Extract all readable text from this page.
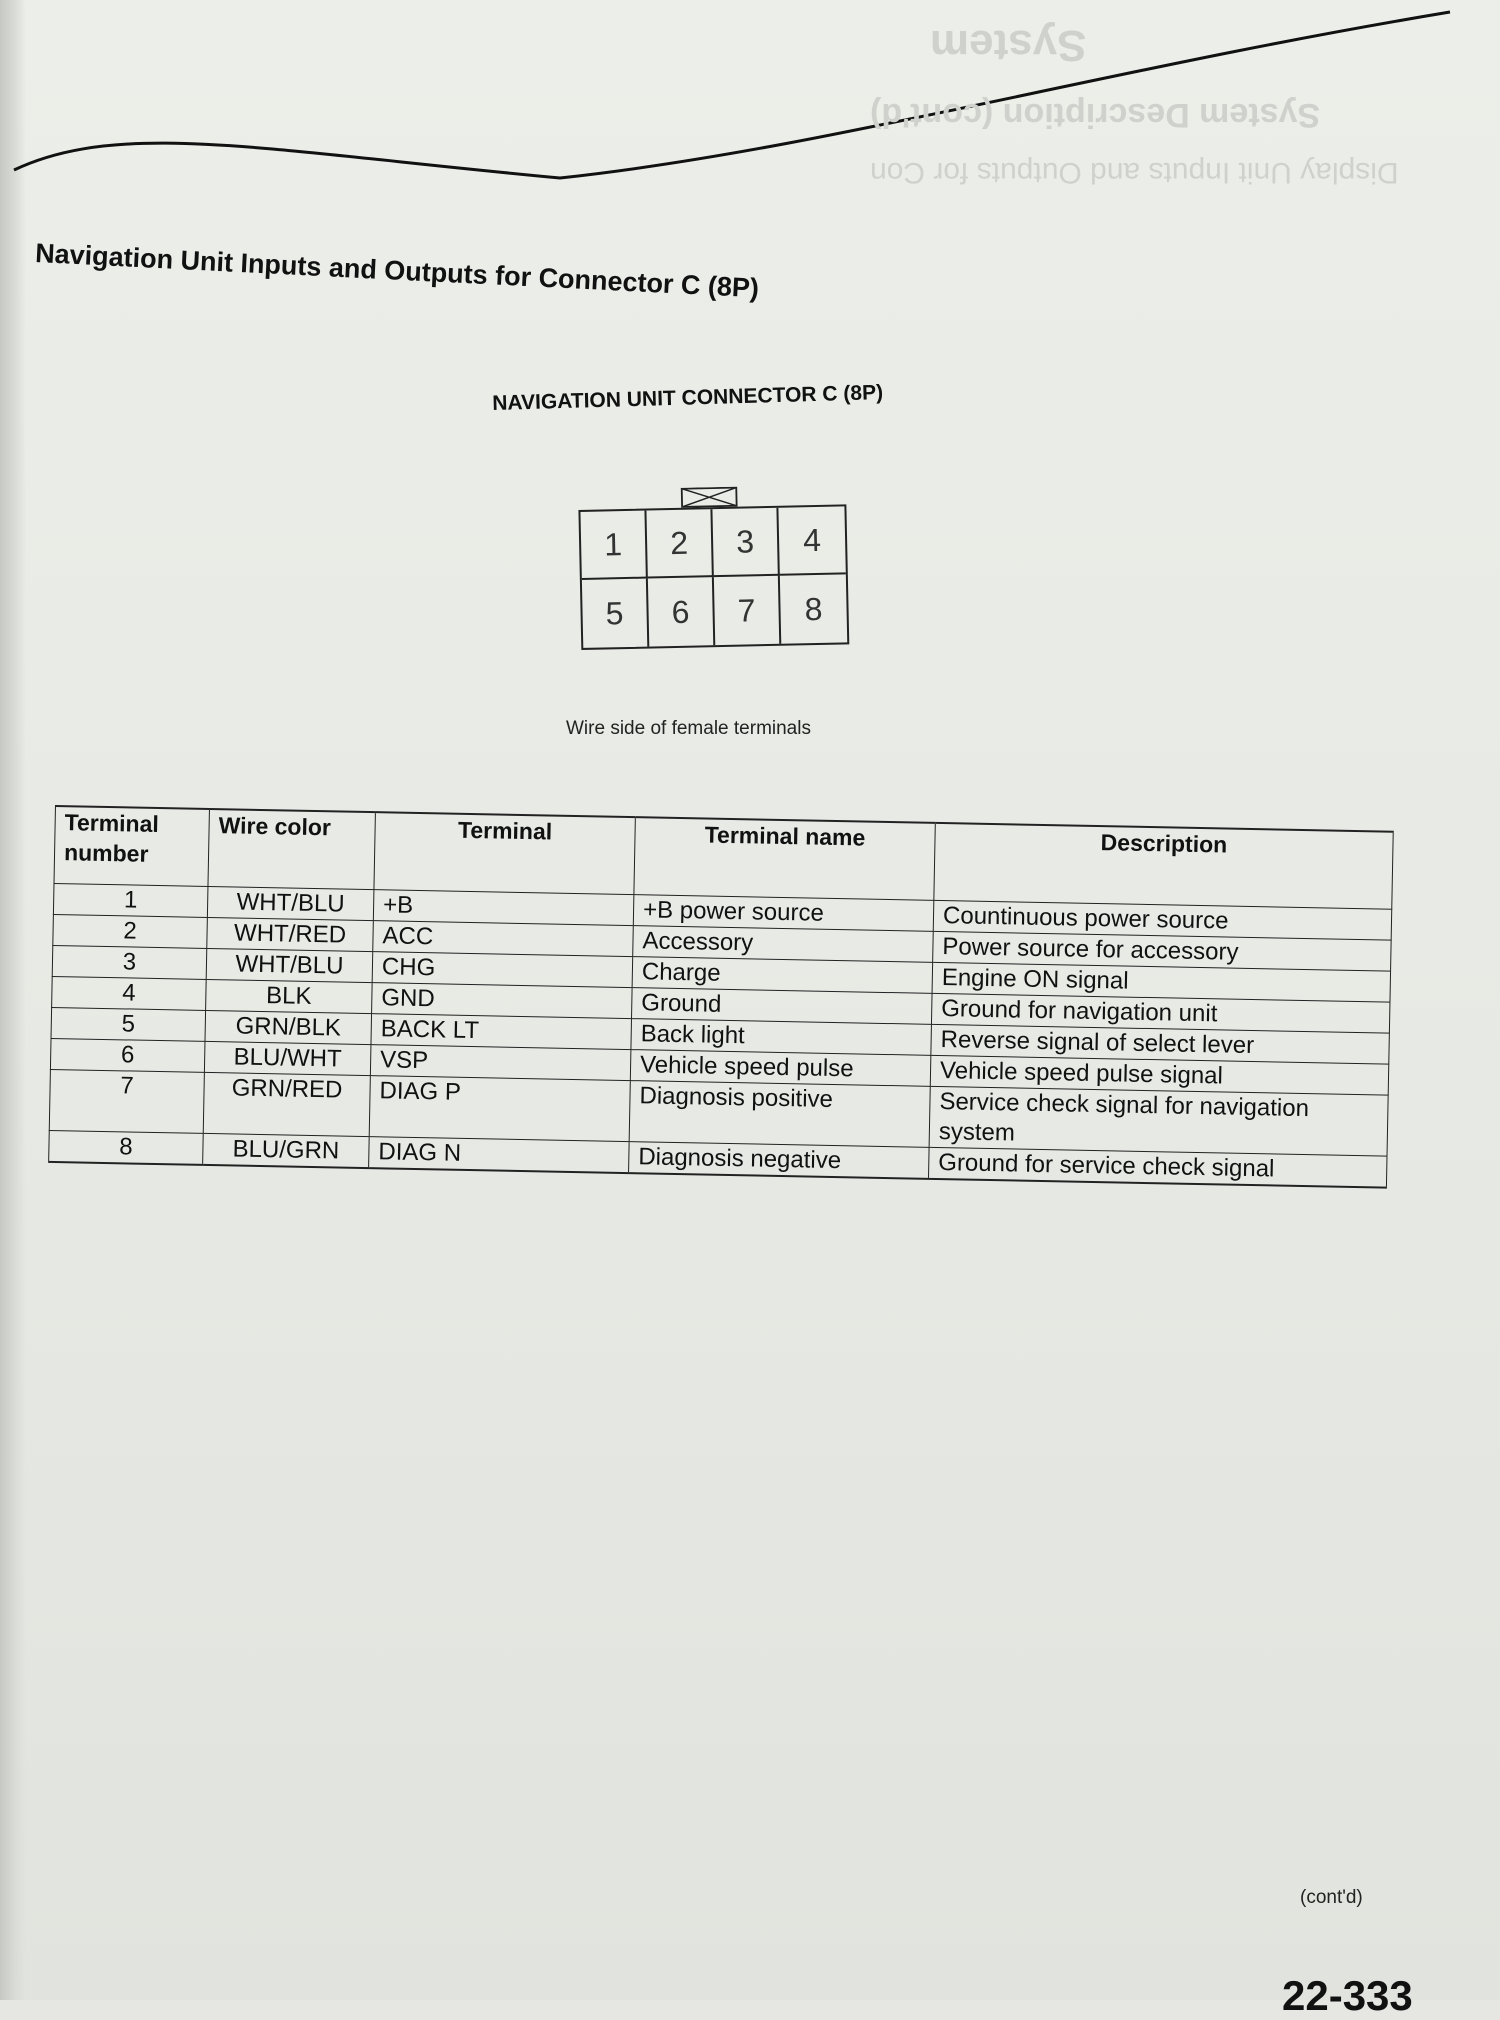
System
System Description (cont'd)
Display Unit Inputs and Outputs for Con
Navigation Unit Inputs and Outputs for Connector C (8P)
NAVIGATION UNIT CONNECTOR C (8P)
1	2	3	4
5	6	7	8
Wire side of female terminals
Terminal number	Wire color	Terminal	Terminal name	Description
1	WHT/BLU	+B	+B power source	Countinuous power source
2	WHT/RED	ACC	Accessory	Power source for accessory
3	WHT/BLU	CHG	Charge	Engine ON signal
4	BLK	GND	Ground	Ground for navigation unit
5	GRN/BLK	BACK LT	Back light	Reverse signal of select lever
6	BLU/WHT	VSP	Vehicle speed pulse	Vehicle speed pulse signal
7	GRN/RED	DIAG P	Diagnosis positive	Service check signal for navigation system
8	BLU/GRN	DIAG N	Diagnosis negative	Ground for service check signal
(cont'd)
22-333
